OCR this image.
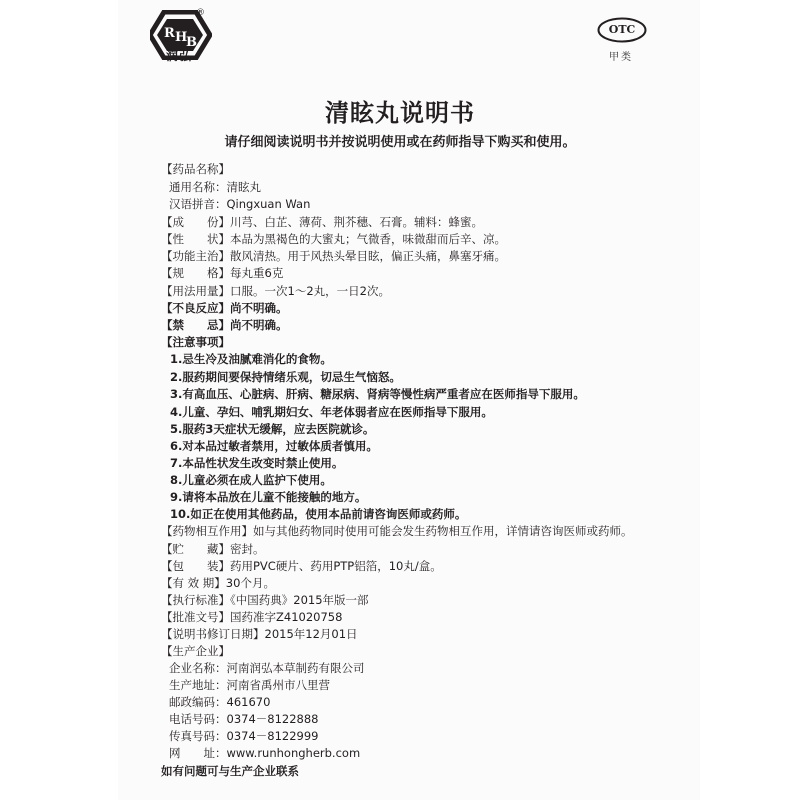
R H
B
®
润弘
OTC
甲类
清眩丸说明书
请仔细阅读说明书并按说明使用或在药师指导下购买和使用。
【药品名称】
通用名称：清眩丸
汉语拼音：Qingxuan Wan
【成　　份】川芎、白芷、薄荷、荆芥穗、石膏。辅料：蜂蜜。
【性　　状】本品为黑褐色的大蜜丸；气微香，味微甜而后辛、凉。
【功能主治】散风清热。用于风热头晕目眩，偏正头痛，鼻塞牙痛。
【规　　格】每丸重6克
【用法用量】口服。一次1～2丸，一日2次。
【不良反应】尚不明确。
【禁　　忌】尚不明确。
【注意事项】
1.忌生冷及油腻难消化的食物。
2.服药期间要保持情绪乐观，切忌生气恼怒。
3.有高血压、心脏病、肝病、糖尿病、肾病等慢性病严重者应在医师指导下服用。
4.儿童、孕妇、哺乳期妇女、年老体弱者应在医师指导下服用。
5.服药3天症状无缓解，应去医院就诊。
6.对本品过敏者禁用，过敏体质者慎用。
7.本品性状发生改变时禁止使用。
8.儿童必须在成人监护下使用。
9.请将本品放在儿童不能接触的地方。
10.如正在使用其他药品，使用本品前请咨询医师或药师。
【药物相互作用】如与其他药物同时使用可能会发生药物相互作用，详情请咨询医师或药师。
【贮　　藏】密封。
【包　　装】药用PVC硬片、药用PTP铝箔，10丸/盒。
【有 效 期】30个月。
【执行标准】《中国药典》2015年版一部
【批准文号】国药准字Z41020758
【说明书修订日期】2015年12月01日
【生产企业】
企业名称：河南润弘本草制药有限公司
生产地址：河南省禹州市八里营
邮政编码：461670
电话号码：0374－8122888
传真号码：0374－8122999
网　　址：www.runhongherb.com
如有问题可与生产企业联系
